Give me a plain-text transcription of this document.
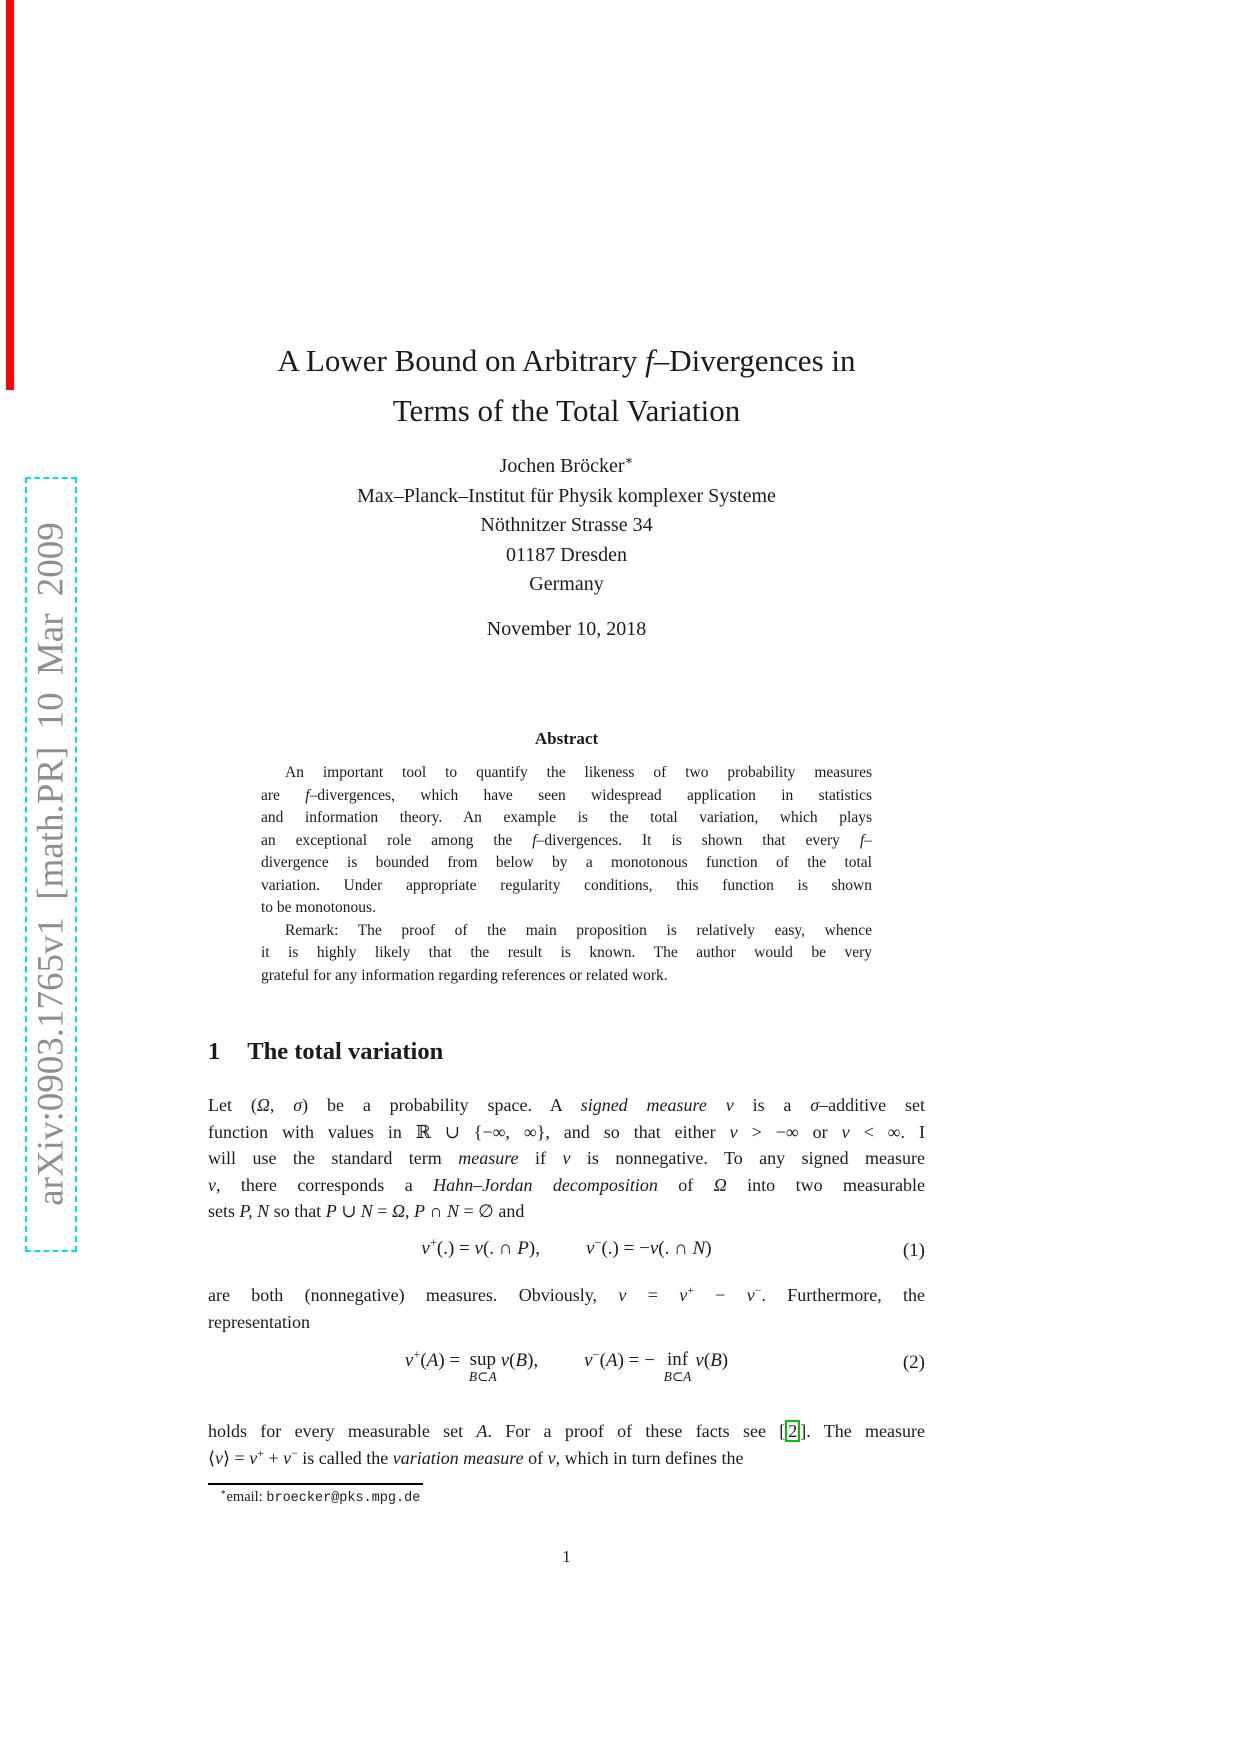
arXiv:0903.1765v1 [math.PR] 10 Mar 2009
A Lower Bound on Arbitrary f–Divergences in
Terms of the Total Variation
Jochen Bröcker∗
Max–Planck–Institut für Physik komplexer Systeme
Nöthnitzer Strasse 34
01187 Dresden
Germany
November 10, 2018
Abstract
An important tool to quantify the likeness of two probability measures
are f–divergences, which have seen widespread application in statistics
and information theory. An example is the total variation, which plays
an exceptional role among the f–divergences. It is shown that every f–
divergence is bounded from below by a monotonous function of the total
variation. Under appropriate regularity conditions, this function is shown
to be monotonous.
Remark: The proof of the main proposition is relatively easy, whence
it is highly likely that the result is known. The author would be very
grateful for any information regarding references or related work.
1 The total variation
Let (Ω, σ) be a probability space. A signed measure ν is a σ–additive set
function with values in ℝ ∪ {−∞, ∞}, and so that either ν > −∞ or ν < ∞. I
will use the standard term measure if ν is nonnegative. To any signed measure
ν, there corresponds a Hahn–Jordan decomposition of Ω into two measurable
sets P, N so that P ∪ N = Ω, P ∩ N = ∅ and
ν+(.) = ν(. ∩ P), ν−(.) = −ν(. ∩ N)	(1)
are both (nonnegative) measures. Obviously, ν = ν+ − ν−. Furthermore, the
representation
ν+(A) = sup
B⊂A
ν(B), ν−(A) = − inf
B⊂A
ν(B)	(2)
holds for every measurable set A. For a proof of these facts see [ 2 ]. The measure
⟨ν⟩ = ν+ + ν− is called the variation measure of ν, which in turn defines the
∗email: broecker@pks.mpg.de
1
